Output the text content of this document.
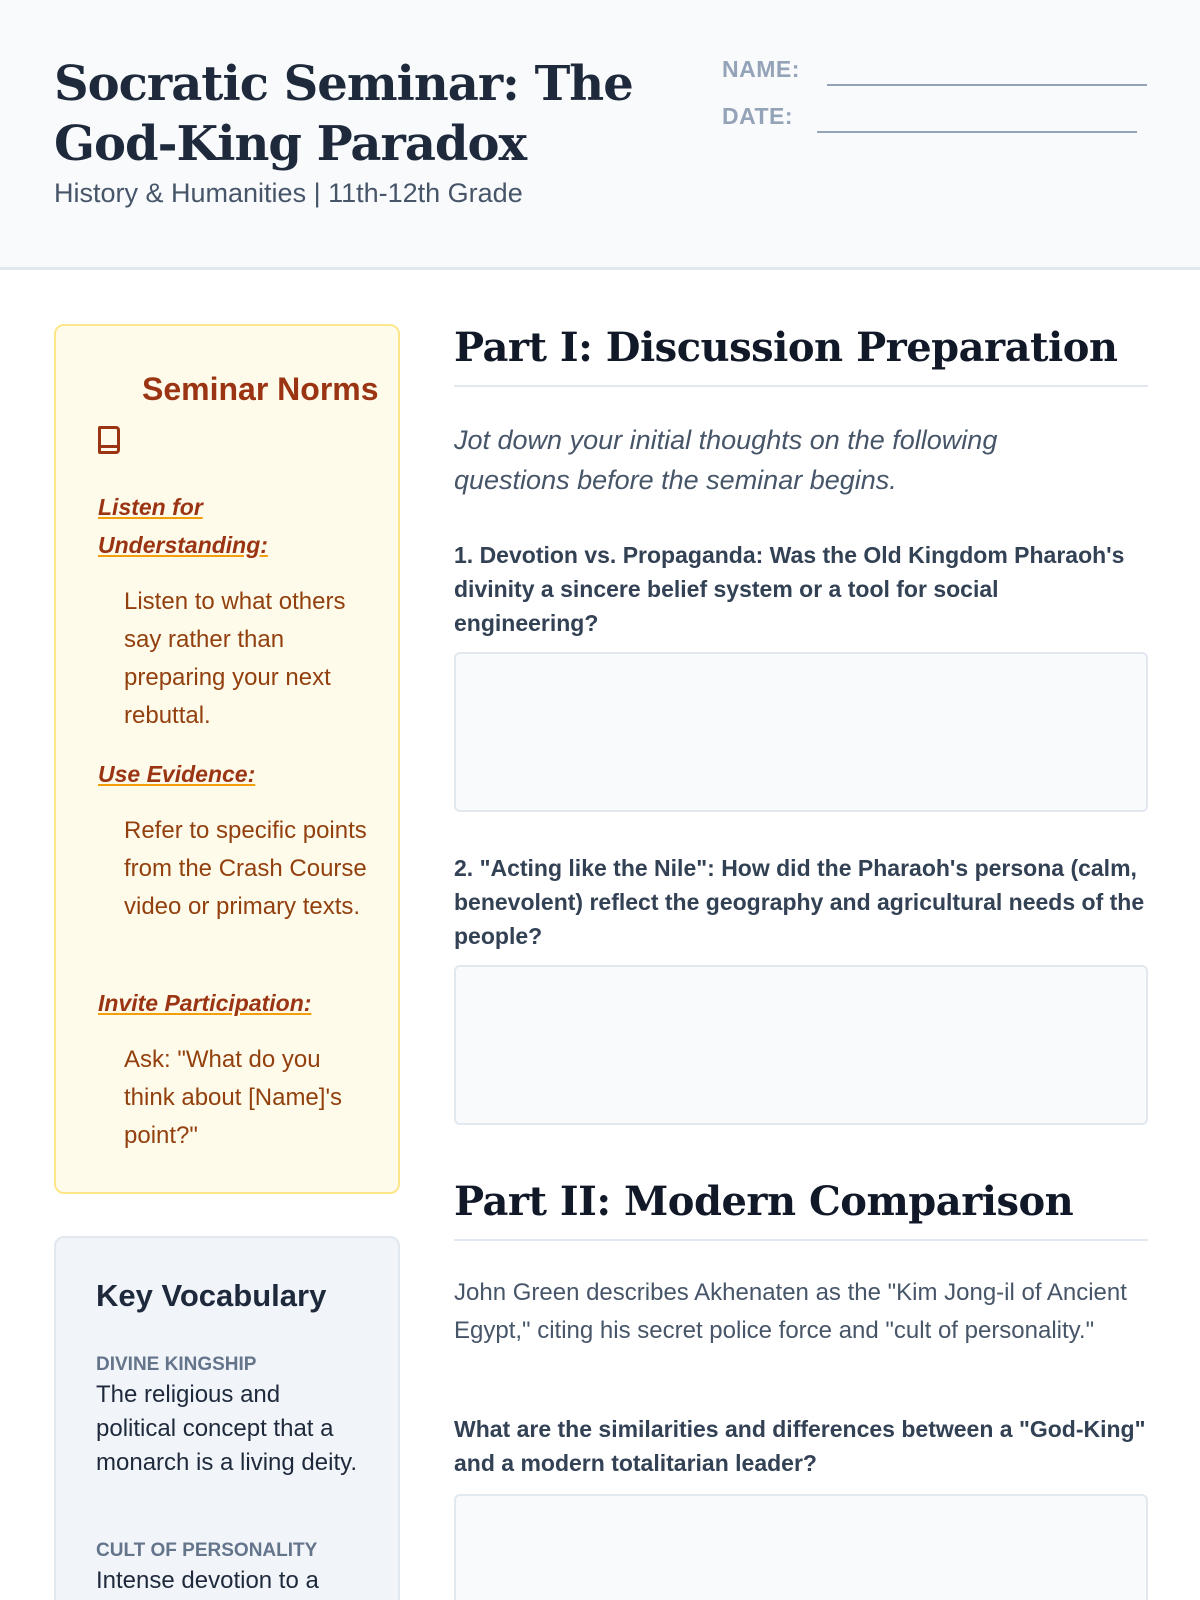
Socratic Seminar: The God-King Paradox
History & Humanities | 11th-12th Grade
NAME:
DATE:
Seminar Norms
Listen for Understanding:
Listen to what others say rather than preparing your next rebuttal.
Use Evidence:
Refer to specific points from the Crash Course video or primary texts.
Invite Participation:
Ask: "What do you think about [Name]'s point?"
Key Vocabulary
DIVINE KINGSHIP
The religious and political concept that a monarch is a living deity.
CULT OF PERSONALITY
Intense devotion to a
Part I: Discussion Preparation
Jot down your initial thoughts on the following questions before the seminar begins.
1. Devotion vs. Propaganda: Was the Old Kingdom Pharaoh's divinity a sincere belief system or a tool for social engineering?
2. "Acting like the Nile": How did the Pharaoh's persona (calm, benevolent) reflect the geography and agricultural needs of the people?
Part II: Modern Comparison
John Green describes Akhenaten as the "Kim Jong-il of Ancient Egypt," citing his secret police force and "cult of personality."
What are the similarities and differences between a "God-King" and a modern totalitarian leader?
